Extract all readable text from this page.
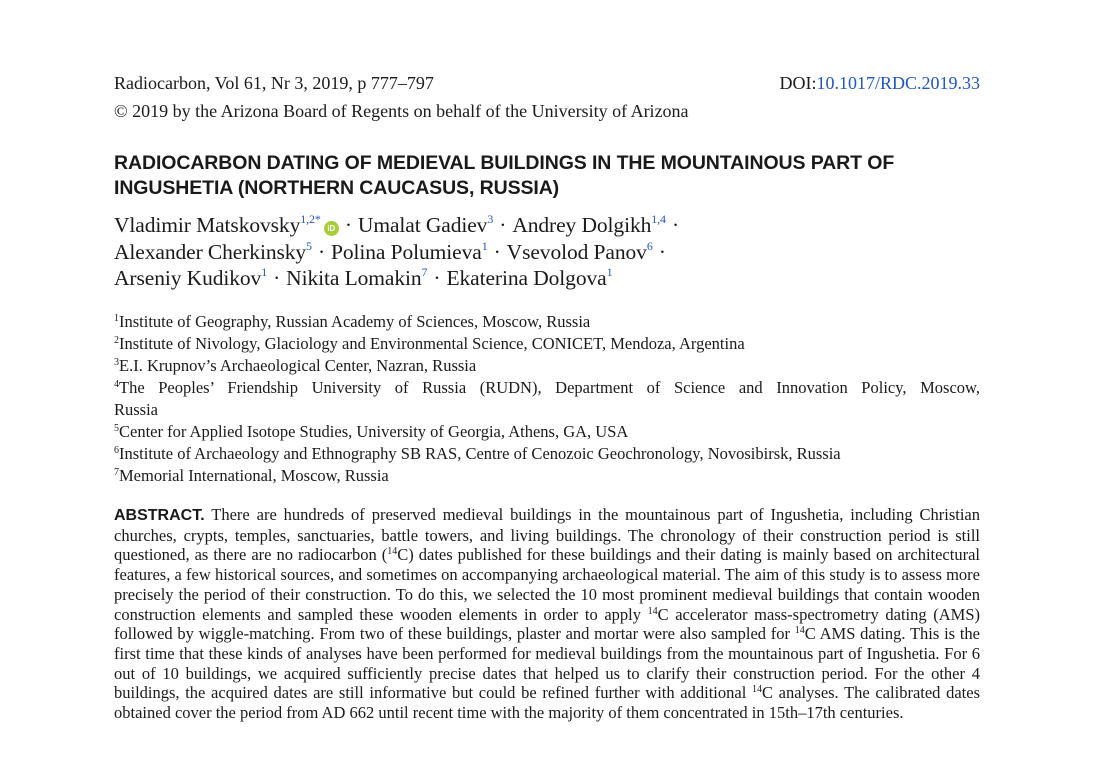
Radiocarbon, Vol 61, Nr 3, 2019, p 777–797	DOI:10.1017/RDC.2019.33
© 2019 by the Arizona Board of Regents on behalf of the University of Arizona
RADIOCARBON DATING OF MEDIEVAL BUILDINGS IN THE MOUNTAINOUS PART OF INGUSHETIA (NORTHERN CAUCASUS, RUSSIA)
Vladimir Matskovsky$^{1,2*}$iD · Umalat Gadiev$^3$ · Andrey Dolgikh$^{1,4}$ ·
Alexander Cherkinsky$^5$ · Polina Polumieva$^1$ · Vsevolod Panov$^6$ ·
Arseniy Kudikov$^1$ · Nikita Lomakin$^7$ · Ekaterina Dolgova$^1$
$^1$Institute of Geography, Russian Academy of Sciences, Moscow, Russia
$^2$Institute of Nivology, Glaciology and Environmental Science, CONICET, Mendoza, Argentina
$^3$E.I. Krupnov’s Archaeological Center, Nazran, Russia
$^4$The Peoples’ Friendship University of Russia (RUDN), Department of Science and Innovation Policy, Moscow,
Russia
$^5$Center for Applied Isotope Studies, University of Georgia, Athens, GA, USA
$^6$Institute of Archaeology and Ethnography SB RAS, Centre of Cenozoic Geochronology, Novosibirsk, Russia
$^7$Memorial International, Moscow, Russia
ABSTRACT. There are hundreds of preserved medieval buildings in the mountainous part of Ingushetia, including Christian churches, crypts, temples, sanctuaries, battle towers, and living buildings. The chronology of their construction period is still questioned, as there are no radiocarbon ($^{14}$C) dates published for these buildings and their dating is mainly based on architectural features, a few historical sources, and sometimes on accompanying archaeological material. The aim of this study is to assess more precisely the period of their construction. To do this, we selected the 10 most prominent medieval buildings that contain wooden construction elements and sampled these wooden elements in order to apply $^{14}$C accelerator mass-spectrometry dating (AMS) followed by wiggle-matching. From two of these buildings, plaster and mortar were also sampled for $^{14}$C AMS dating. This is the first time that these kinds of analyses have been performed for medieval buildings from the mountainous part of Ingushetia. For 6 out of 10 buildings, we acquired sufficiently precise dates that helped us to clarify their construction period. For the other 4 buildings, the acquired dates are still informative but could be refined further with additional $^{14}$C analyses. The calibrated dates obtained cover the period from AD 662 until recent time with the majority of them concentrated in 15th–17th centuries.
